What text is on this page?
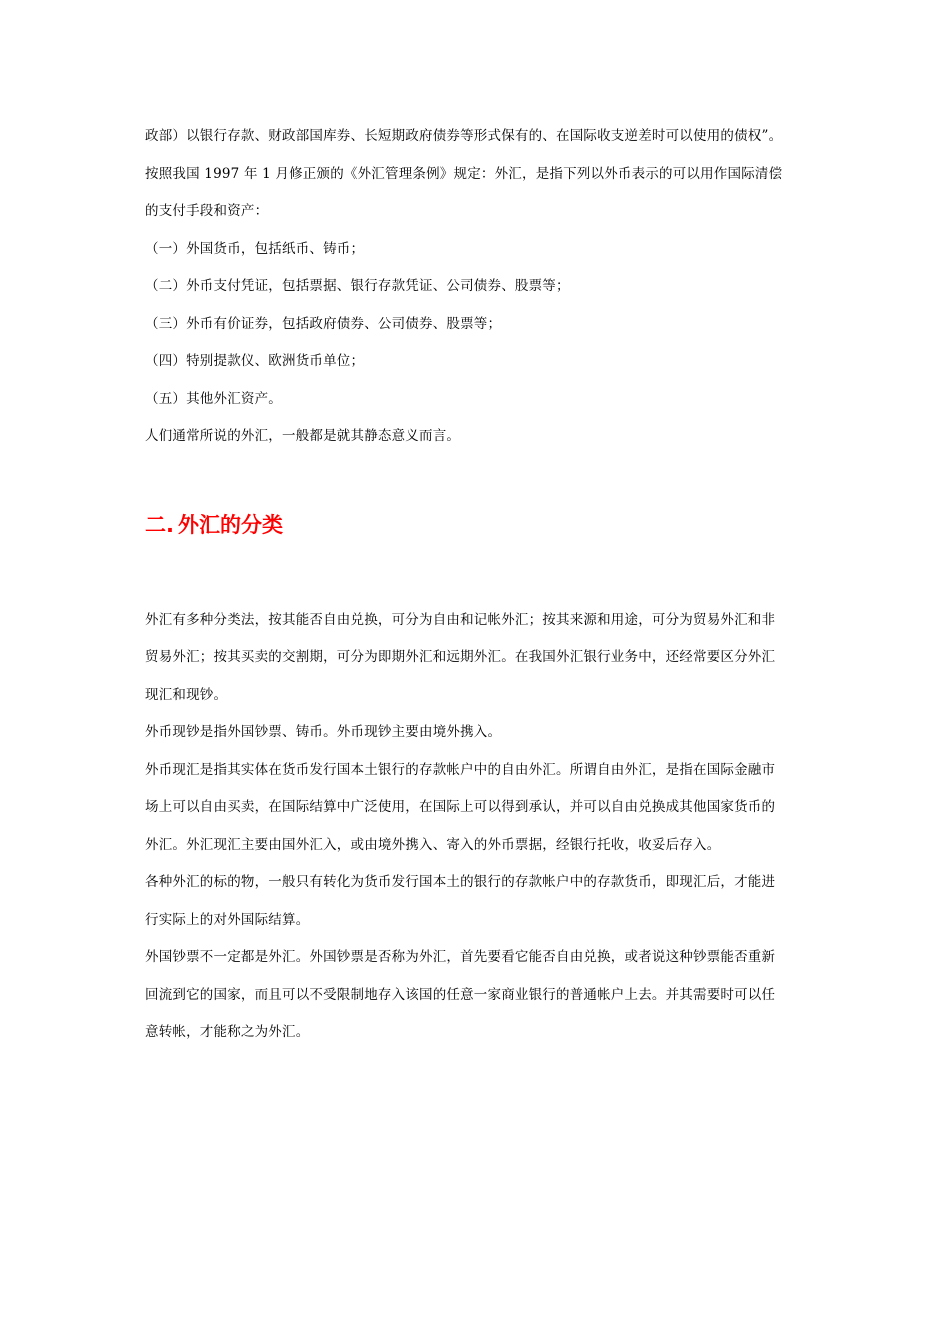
政部）以银行存款、财政部国库券、长短期政府债券等形式保有的、在国际收支逆差时可以使用的债权”。
按照我国 1997 年 1 月修正颁的《外汇管理条例》规定：外汇，是指下列以外币表示的可以用作国际清偿
的支付手段和资产：
（一）外国货币，包括纸币、铸币；
（二）外币支付凭证，包括票据、银行存款凭证、公司债券、股票等；
（三）外币有价证券，包括政府债券、公司债券、股票等；
（四）特别提款仪、欧洲货币单位；
（五）其他外汇资产。
人们通常所说的外汇，一般都是就其静态意义而言。
二. 外汇的分类
外汇有多种分类法，按其能否自由兑换，可分为自由和记帐外汇；按其来源和用途，可分为贸易外汇和非
贸易外汇；按其买卖的交割期，可分为即期外汇和远期外汇。在我国外汇银行业务中，还经常要区分外汇
现汇和现钞。
外币现钞是指外国钞票、铸币。外币现钞主要由境外携入。
外币现汇是指其实体在货币发行国本土银行的存款帐户中的自由外汇。所谓自由外汇，是指在国际金融市
场上可以自由买卖，在国际结算中广泛使用，在国际上可以得到承认，并可以自由兑换成其他国家货币的
外汇。外汇现汇主要由国外汇入，或由境外携入、寄入的外币票据，经银行托收，收妥后存入。
各种外汇的标的物，一般只有转化为货币发行国本土的银行的存款帐户中的存款货币，即现汇后，才能进
行实际上的对外国际结算。
外国钞票不一定都是外汇。外国钞票是否称为外汇，首先要看它能否自由兑换，或者说这种钞票能否重新
回流到它的国家，而且可以不受限制地存入该国的任意一家商业银行的普通帐户上去。并其需要时可以任
意转帐，才能称之为外汇。
